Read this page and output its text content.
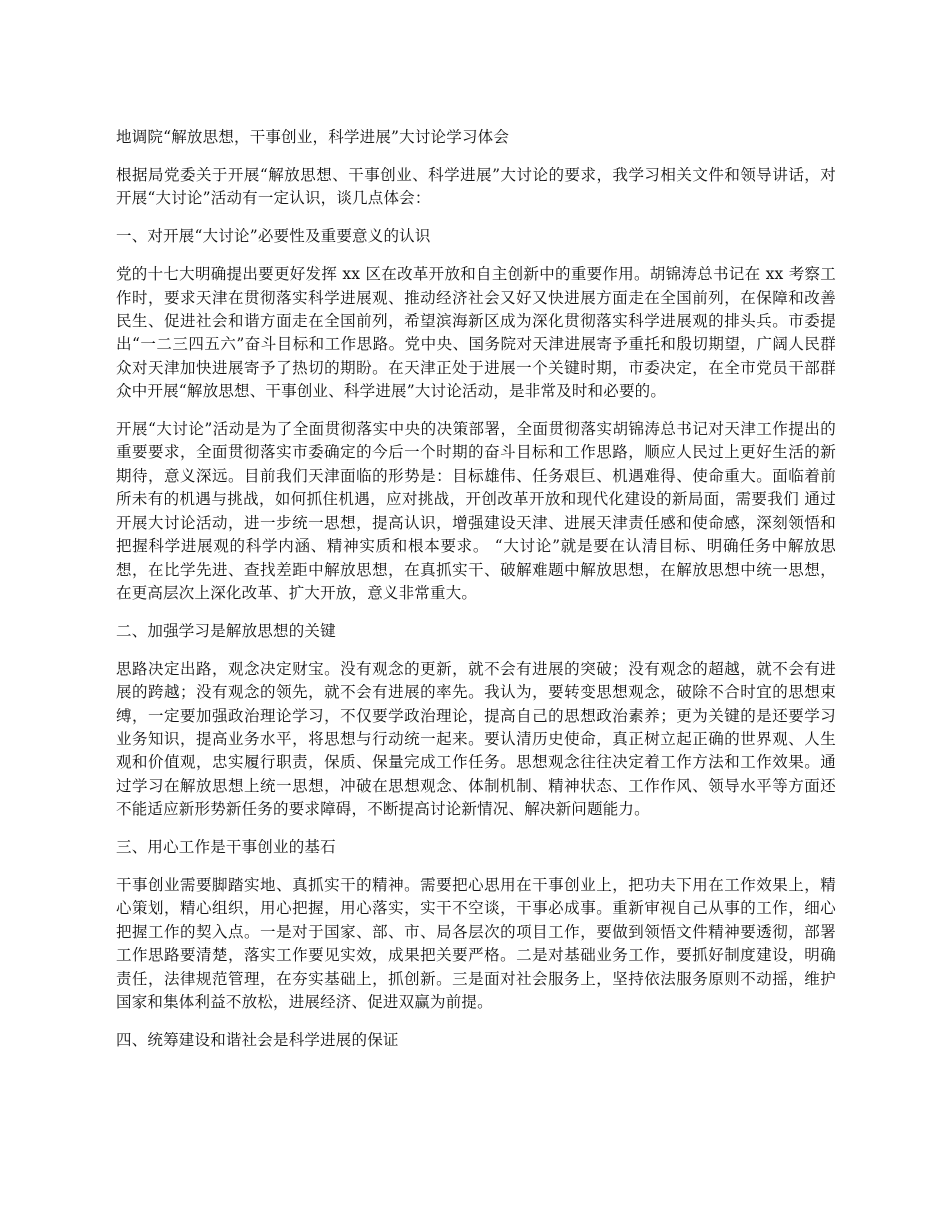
地调院“解放思想，干事创业，科学进展”大讨论学习体会

根据局党委关于开展“解放思想、干事创业、科学进展”大讨论的要求，我学习相关文件和领导讲话，对开展“大讨论”活动有一定认识，谈几点体会：

一、对开展“大讨论”必要性及重要意义的认识

党的十七大明确提出要更好发挥 xx 区在改革开放和自主创新中的重要作用。胡锦涛总书记在 xx 考察工作时，要求天津在贯彻落实科学进展观、推动经济社会又好又快进展方面走在全国前列，在保障和改善民生、促进社会和谐方面走在全国前列，希望滨海新区成为深化贯彻落实科学进展观的排头兵。市委提出“一二三四五六”奋斗目标和工作思路。党中央、国务院对天津进展寄予重托和殷切期望，广阔人民群众对天津加快进展寄予了热切的期盼。在天津正处于进展一个关键时期，市委决定，在全市党员干部群众中开展“解放思想、干事创业、科学进展”大讨论活动，是非常及时和必要的。

开展“大讨论”活动是为了全面贯彻落实中央的决策部署，全面贯彻落实胡锦涛总书记对天津工作提出的重要要求，全面贯彻落实市委确定的今后一个时期的奋斗目标和工作思路，顺应人民过上更好生活的新期待，意义深远。目前我们天津面临的形势是：目标雄伟、任务艰巨、机遇难得、使命重大。面临着前所未有的机遇与挑战，如何抓住机遇，应对挑战，开创改革开放和现代化建设的新局面，需要我们 通过开展大讨论活动，进一步统一思想，提高认识，增强建设天津、进展天津责任感和使命感，深刻领悟和把握科学进展观的科学内涵、精神实质和根本要求。 “大讨论”就是要在认清目标、明确任务中解放思想，在比学先进、查找差距中解放思想，在真抓实干、破解难题中解放思想，在解放思想中统一思想，在更高层次上深化改革、扩大开放，意义非常重大。

二、加强学习是解放思想的关键

思路决定出路，观念决定财宝。没有观念的更新，就不会有进展的突破；没有观念的超越，就不会有进展的跨越；没有观念的领先，就不会有进展的率先。我认为，要转变思想观念，破除不合时宜的思想束缚，一定要加强政治理论学习，不仅要学政治理论，提高自己的思想政治素养；更为关键的是还要学习业务知识，提高业务水平，将思想与行动统一起来。要认清历史使命，真正树立起正确的世界观、人生观和价值观，忠实履行职责，保质、保量完成工作任务。思想观念往往决定着工作方法和工作效果。通过学习在解放思想上统一思想，冲破在思想观念、体制机制、精神状态、工作作风、领导水平等方面还不能适应新形势新任务的要求障碍，不断提高讨论新情况、解决新问题能力。

三、用心工作是干事创业的基石

干事创业需要脚踏实地、真抓实干的精神。需要把心思用在干事创业上，把功夫下用在工作效果上，精心策划，精心组织，用心把握，用心落实，实干不空谈，干事必成事。重新审视自己从事的工作，细心把握工作的契入点。一是对于国家、部、市、局各层次的项目工作，要做到领悟文件精神要透彻，部署工作思路要清楚，落实工作要见实效，成果把关要严格。二是对基础业务工作，要抓好制度建设，明确责任，法律规范管理，在夯实基础上，抓创新。三是面对社会服务上，坚持依法服务原则不动摇，维护国家和集体利益不放松，进展经济、促进双赢为前提。

四、统筹建设和谐社会是科学进展的保证
